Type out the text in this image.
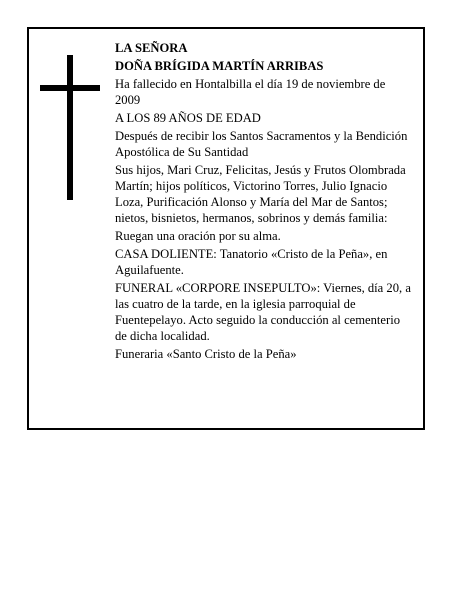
LA SEÑORA

DOÑA BRÍGIDA MARTÍN ARRIBAS

Ha fallecido en Hontalbilla el día 19 de noviembre de 2009

A LOS 89 AÑOS DE EDAD

Después de recibir los Santos Sacramentos y la Bendición Apostólica de Su Santidad

Sus hijos, Mari Cruz, Felicitas, Jesús y Frutos Olombrada Martín; hijos políticos, Victorino Torres, Julio Ignacio Loza, Purificación Alonso y María del Mar de Santos; nietos, bisnietos, hermanos, sobrinos y demás familia:

Ruegan una oración por su alma.

CASA DOLIENTE: Tanatorio «Cristo de la Peña», en Aguilafuente.

FUNERAL «CORPORE INSEPULTO»: Viernes, día 20, a las cuatro de la tarde, en la iglesia parroquial de Fuentepelayo. Acto seguido la conducción al cementerio de dicha localidad.

Funeraria «Santo Cristo de la Peña»
